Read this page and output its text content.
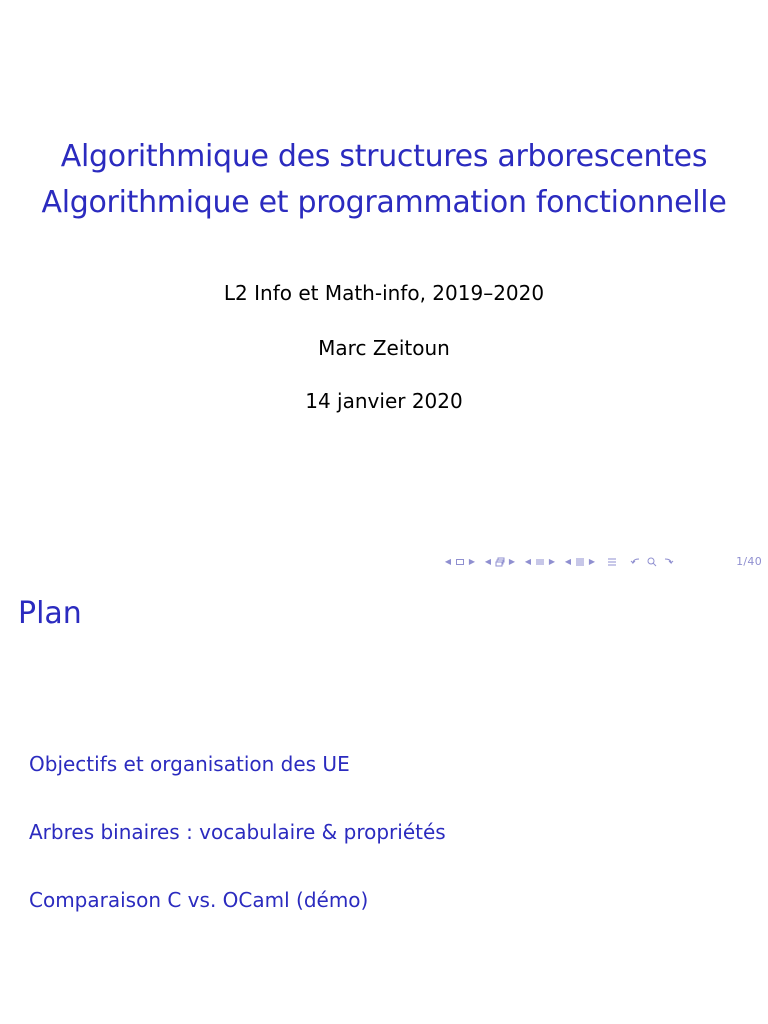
Algorithmique des structures arborescentes
Algorithmique et programmation fonctionnelle
L2 Info et Math-info, 2019–2020
Marc Zeitoun
14 janvier 2020
◀ ▶ ◀ ▶ ◀ ▶ ◀ ▶	1/40
Plan
Objectifs et organisation des UE
Arbres binaires : vocabulaire & propriétés
Comparaison C vs. OCaml (démo)
